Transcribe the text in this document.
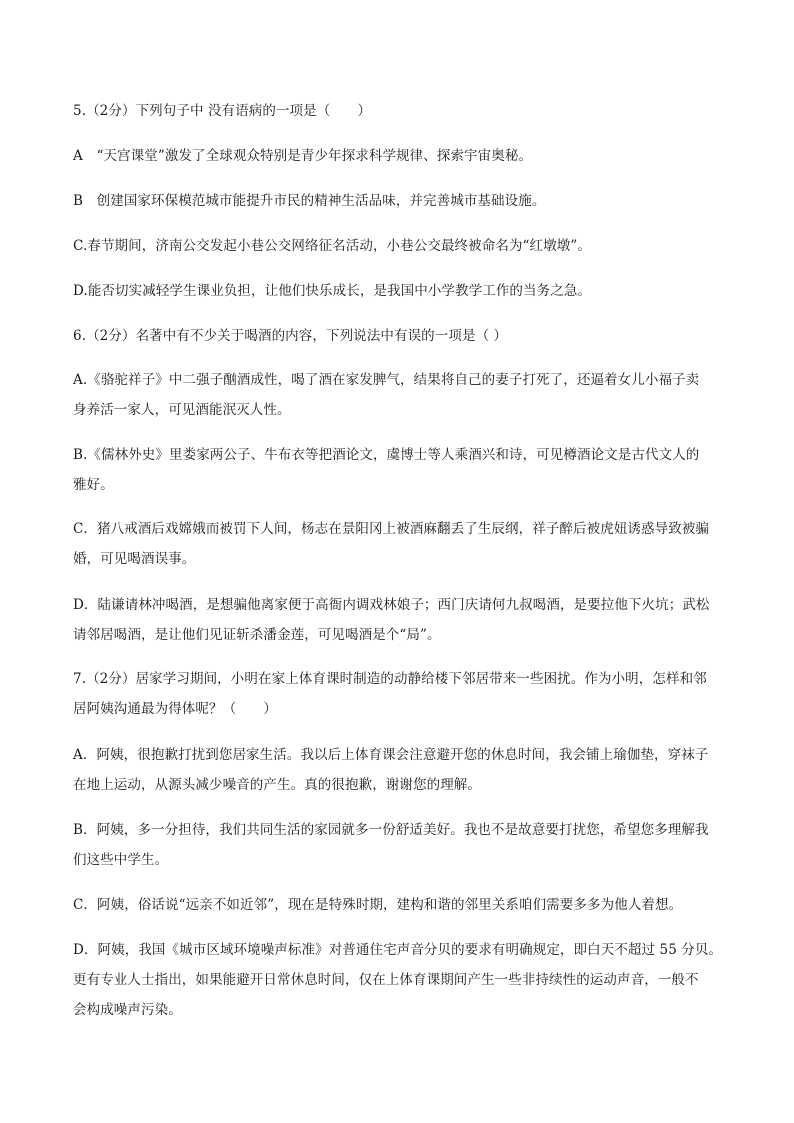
5.（2分）下列句子中 没有语病的一项是（　　）
A　“天宫课堂”激发了全球观众特别是青少年探求科学规律、探索宇宙奥秘。
B　创建国家环保模范城市能提升市民的精神生活品味，并完善城市基础设施。
C.春节期间，济南公交发起小巷公交网络征名活动，小巷公交最终被命名为“红墩墩”。
D.能否切实减轻学生课业负担，让他们快乐成长，是我国中小学教学工作的当务之急。
6.（2分）名著中有不少关于喝酒的内容，下列说法中有误的一项是（ ）
A.《骆驼祥子》中二强子酗酒成性，喝了酒在家发脾气，结果将自己的妻子打死了，还逼着女儿小福子卖
身养活一家人，可见酒能泯灭人性。
B.《儒林外史》里娄家两公子、牛布衣等把酒论文，虞博士等人乘酒兴和诗，可见樽酒论文是古代文人的
雅好。
C．猪八戒酒后戏嫦娥而被罚下人间，杨志在景阳冈上被酒麻翻丢了生辰纲，祥子醉后被虎妞诱惑导致被骗
婚，可见喝酒误事。
D．陆谦请林冲喝酒，是想骗他离家便于高衙内调戏林娘子；西门庆请何九叔喝酒，是要拉他下火坑；武松
请邻居喝酒，是让他们见证斩杀潘金莲，可见喝酒是个“局”。
7.（2分）居家学习期间，小明在家上体育课时制造的动静给楼下邻居带来一些困扰。作为小明，怎样和邻
居阿姨沟通最为得体呢？（　　）
A．阿姨，很抱歉打扰到您居家生活。我以后上体育课会注意避开您的休息时间，我会铺上瑜伽垫，穿袜子
在地上运动，从源头减少噪音的产生。真的很抱歉，谢谢您的理解。
B．阿姨，多一分担待，我们共同生活的家园就多一份舒适美好。我也不是故意要打扰您，希望您多理解我
们这些中学生。
C．阿姨，俗话说“远亲不如近邻”，现在是特殊时期，建构和谐的邻里关系咱们需要多多为他人着想。
D．阿姨，我国《城市区域环境噪声标准》对普通住宅声音分贝的要求有明确规定，即白天不超过 55 分贝。
更有专业人士指出，如果能避开日常休息时间，仅在上体育课期间产生一些非持续性的运动声音，一般不
会构成噪声污染。
